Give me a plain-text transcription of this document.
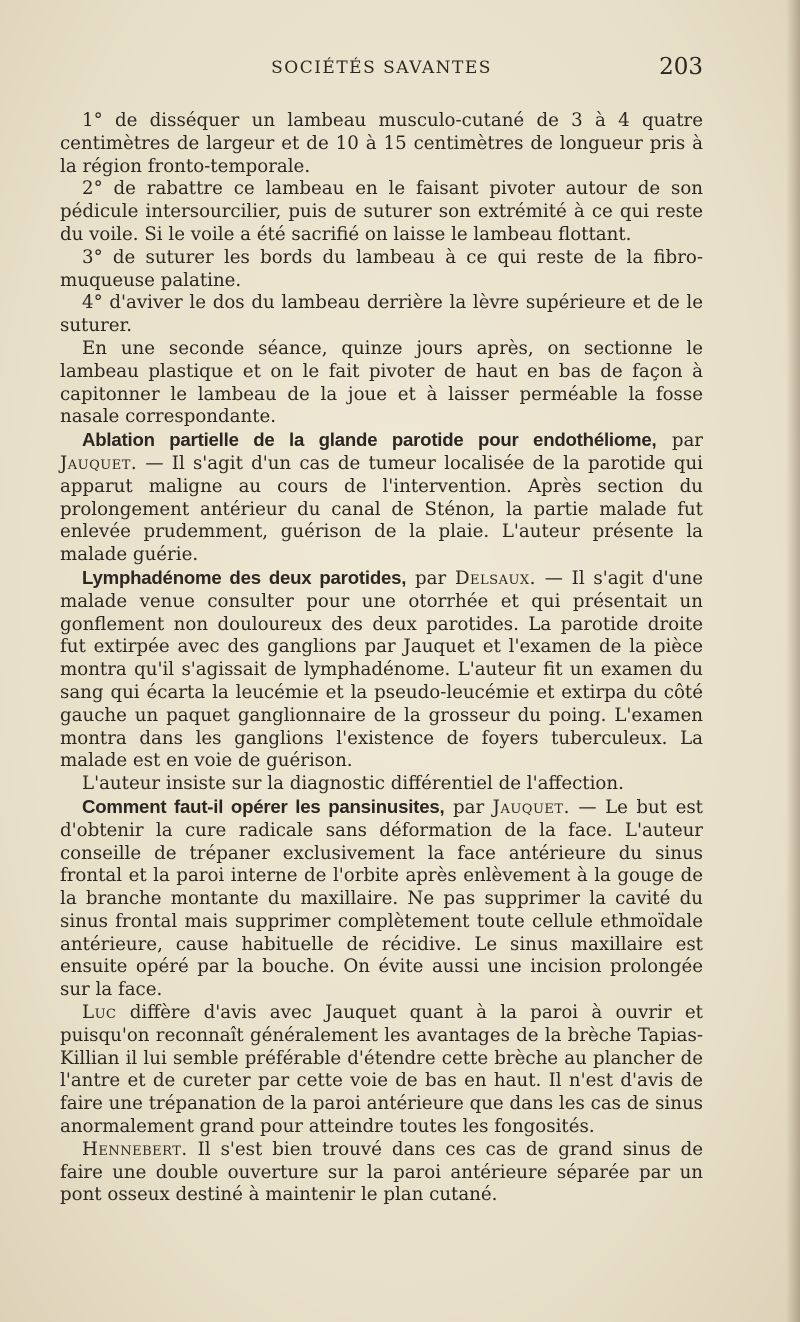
SOCIÉTÉS SAVANTES	203

1° de disséquer un lambeau musculo-cutané de 3 à 4 quatre centimètres de largeur et de 10 à 15 centimètres de longueur pris à la région fronto-temporale.

2° de rabattre ce lambeau en le faisant pivoter autour de son pédicule intersourcilier, puis de suturer son extrémité à ce qui reste du voile. Si le voile a été sacrifié on laisse le lambeau flottant.

3° de suturer les bords du lambeau à ce qui reste de la fibro-muqueuse palatine.

4° d'aviver le dos du lambeau derrière la lèvre supérieure et de le suturer.

En une seconde séance, quinze jours après, on sectionne le lambeau plastique et on le fait pivoter de haut en bas de façon à capitonner le lambeau de la joue et à laisser perméable la fosse nasale correspondante.

Ablation partielle de la glande parotide pour endothéliome, par Jauquet. — Il s'agit d'un cas de tumeur localisée de la parotide qui apparut maligne au cours de l'intervention. Après section du prolongement antérieur du canal de Sténon, la partie malade fut enlevée prudemment, guérison de la plaie. L'auteur présente la malade guérie.

Lymphadénome des deux parotides, par Delsaux. — Il s'agit d'une malade venue consulter pour une otorrhée et qui présentait un gonflement non douloureux des deux parotides. La parotide droite fut extirpée avec des ganglions par Jauquet et l'examen de la pièce montra qu'il s'agissait de lymphadénome. L'auteur fit un examen du sang qui écarta la leucémie et la pseudo-leucémie et extirpa du côté gauche un paquet ganglionnaire de la grosseur du poing. L'examen montra dans les ganglions l'existence de foyers tuberculeux. La malade est en voie de guérison.

L'auteur insiste sur la diagnostic différentiel de l'affection.

Comment faut-il opérer les pansinusites, par Jauquet. — Le but est d'obtenir la cure radicale sans déformation de la face. L'auteur conseille de trépaner exclusivement la face antérieure du sinus frontal et la paroi interne de l'orbite après enlèvement à la gouge de la branche montante du maxillaire. Ne pas supprimer la cavité du sinus frontal mais supprimer complètement toute cellule ethmoïdale antérieure, cause habituelle de récidive. Le sinus maxillaire est ensuite opéré par la bouche. On évite aussi une incision prolongée sur la face.

Luc diffère d'avis avec Jauquet quant à la paroi à ouvrir et puisqu'on reconnaît généralement les avantages de la brèche Tapias-Killian il lui semble préférable d'étendre cette brèche au plancher de l'antre et de cureter par cette voie de bas en haut. Il n'est d'avis de faire une trépanation de la paroi antérieure que dans les cas de sinus anormalement grand pour atteindre toutes les fongosités.

Hennebert. Il s'est bien trouvé dans ces cas de grand sinus de faire une double ouverture sur la paroi antérieure séparée par un pont osseux destiné à maintenir le plan cutané.
